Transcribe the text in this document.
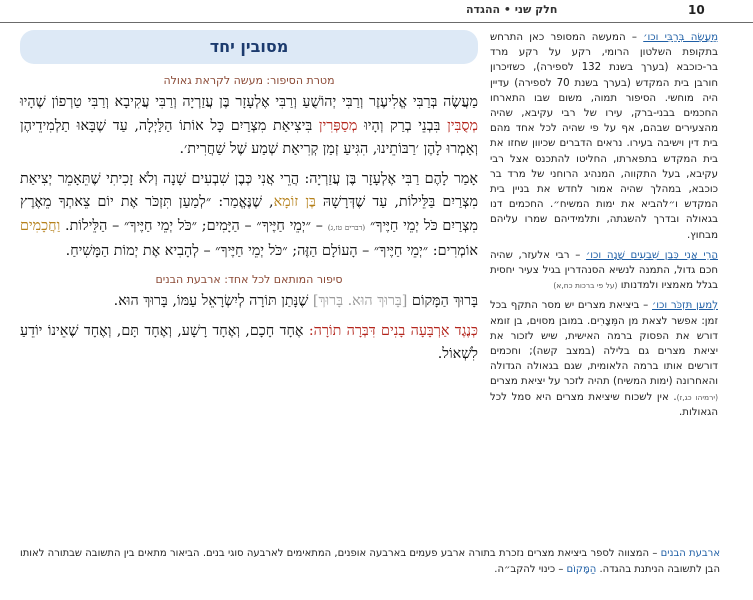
10
חלק שני • ההגדה
מסובין יחד
מטרת הסיפור: מעשה לקראת גאולה

מַעֲשֶׂה בְּרַבִּי אֱלִיעֶזֶר וְרַבִּי יְהוֹשֻׁעַ וְרַבִּי אֶלְעָזָר בֶּן עֲזַרְיָה וְרַבִּי עֲקִיבָא וְרַבִּי טַרְפוֹן שֶׁהָיוּ מְסֻבִּין בִּבְנֵי בְרַק וְהָיוּ מְסַפְּרִין בִּיצִיאַת מִצְרַיִם כָּל אוֹתוֹ הַלַּיְלָה, עַד שֶׁבָּאוּ תַלְמִידֵיהֶן וְאָמְרוּ לָהֶן ׳רַבּוֹתֵינוּ, הִגִּיעַ זְמַן קְרִיאַת שְׁמַע שֶׁל שַׁחֲרִית׳.

אָמַר לָהֶם רַבִּי אֶלְעָזָר בֶּן עֲזַרְיָה: הֲרֵי אֲנִי כְּבֶן שִׁבְעִים שָׁנָה וְלֹא זָכִיתִי שֶׁתֵּאָמֵר יְצִיאַת מִצְרַיִם בַּלֵּילוֹת, עַד שֶׁדְּרָשָׁהּ בֶּן זוֹמָא, שֶׁנֶּאֱמַר: ״לְמַעַן תִּזְכֹּר אֶת יוֹם צֵאתְךָ מֵאֶרֶץ מִצְרַיִם כֹּל יְמֵי חַיֶּיךָ״ (דברים טז,ג) – ״יְמֵי חַיֶּיךָ״ – הַיָּמִים; ״כֹּל יְמֵי חַיֶּיךָ״ – הַלֵּילוֹת. וַחֲכָמִים אוֹמְרִים: ״יְמֵי חַיֶּיךָ״ – הָעוֹלָם הַזֶּה; ״כֹּל יְמֵי חַיֶּיךָ״ – לְהָבִיא אֶת יְמוֹת הַמָּשִׁיחַ.

סיפור המותאם לכל אחד: ארבעת הבנים

בָּרוּךְ הַמָּקוֹם [בָּרוּךְ הוּא. בָּרוּךְ] שֶׁנָּתַן תּוֹרָה לְיִשְׂרָאֵל עַמּוֹ, בָּרוּךְ הוּא.

כְּנֶגֶד אַרְבָּעָה בָנִים דִּבְּרָה תוֹרָה: אֶחָד חָכָם, וְאֶחָד רָשָׁע, וְאֶחָד תָּם, וְאֶחָד שֶׁאֵינוֹ יוֹדֵעַ לִשְׁאוֹל.

מַעֲשֶׂה בְּרַבִּי וכו׳ – המעשה המסופר כאן התרחש בתקופת השלטון הרומי, רקע על רקע מרד בר-כוכבא (בערך בשנת 132 לספירה), כשזיכרון חורבן בית המקדש (בערך בשנת 70 לספירה) עדיין היה מוחשי. הסיפור תמוה, משום שבו התארחו החכמים בבני-ברק, עירו של רבי עקיבא, שהיה מהצעירים שבהם, אף על פי שהיה לכל אחד מהם בית דין וישיבה בעירו. נראים הדברים שכיוון שחזו את בית המקדש בתפארתו, החליטו להתכנס אצל רבי עקיבא, בעל התקווה, המנהיג הרוחני של מרד בר כוכבא, במהלך שהיה אמור לחדש את בניין בית המקדש ו״להביא את ימות המשיח״. החכמים דנו בגאולה ובדרך להשגתה, ותלמידיהם שמרו עליהם מבחוץ.

הֲרֵי אֲנִי כְּבֶן שִׁבְעִים שָׁנָה וכו׳ – רבי אלעזר, שהיה חכם גדול, התמנה לנשיא הסנהדרין בגיל צעיר יחסית בגלל מאמציו ולמדנותו (על פי ברכות כח,א)

לְמַעַן תִּזְכֹּר וכו׳ – ביציאת מצרים יש מסר התקף בכל זמן: אפשר לצאת מן המֵּצָרִים. במובן מסוים, בן זומא דורש את הפסוק ברמה האישית, שיש לזכור את יציאת מצרים גם בלילה (במצב קשה); וחכמים דורשים אותו ברמה הלאומית, שגם בגאולה הגדולה והאחרונה (ימות המשיח) תהיה לזכר על יציאת מצרים (ירמיהו כג,ז). אין לשכוח שיציאת מצרים היא סמל לכל הגאולות.

ארבעת הבנים – המצווה לספר ביציאת מצרים נזכרת בתורה ארבע פעמים בארבעה אופנים, המתאימים לארבעה סוגי בנים. הביאור מתאים בין התשובה שבתורה לאותו הבן לתשובה הניתנת בהגדה. הַמָּקוֹם – כינוי להקב״ה.
